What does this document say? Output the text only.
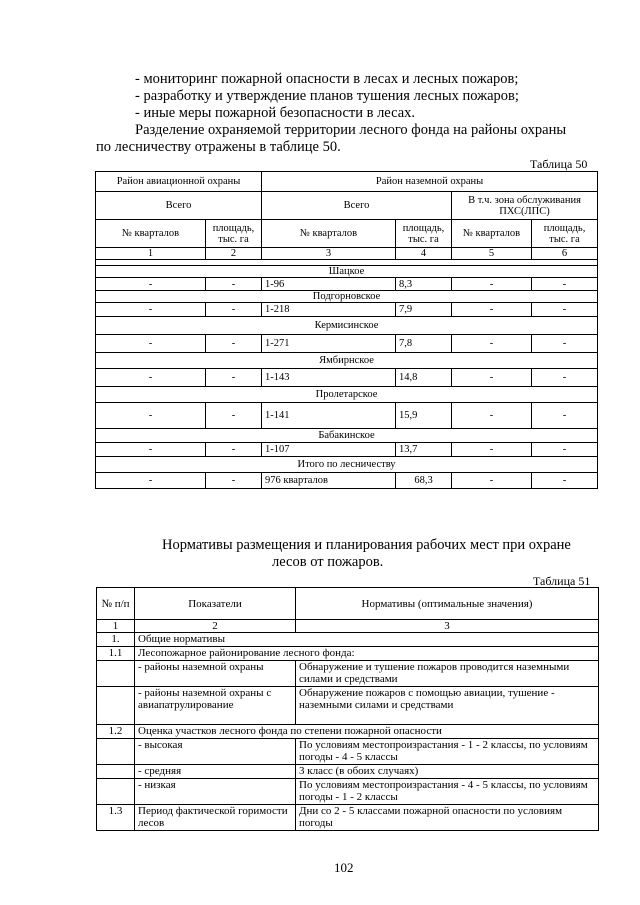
- мониторинг пожарной опасности в лесах и лесных пожаров;
- разработку и утверждение планов тушения лесных пожаров;
- иные меры пожарной безопасности в лесах.
Разделение охраняемой территории лесного фонда на районы охраны
по лесничеству отражены в таблице 50.
Таблица 50
Район авиационной охраны		Район наземной охраны			
Всего		Всего		В т.ч. зона обслуживания ПХС(ЛПС)	
№ кварталов	площадь, тыс. га	№ кварталов	площадь, тыс. га	№ кварталов	площадь, тыс. га
1	2	3	4	5	6

Шацкое					
-	-	1-96	8,3	-	-
Подгорновское					
-	-	1-218	7,9	-	-
Кермисинское					
-	-	1-271	7,8	-	-
Ямбирнское					
-	-	1-143	14,8	-	-
Пролетарское					
-	-	1-141	15,9	-	-
Бабакинское					
-	-	1-107	13,7	-	-
Итого по лесничеству					
-	-	976 кварталов	68,3	-	-
Нормативы размещения и планирования рабочих мест при охране
лесов от пожаров.
Таблица 51
№ п/п	Показатели	Нормативы (оптимальные значения)
1	2	3
1.	Общие нормативы	
1.1	Лесопожарное районирование лесного фонда:	
	- районы наземной охраны	Обнаружение и тушение пожаров проводится наземными силами и средствами
	- районы наземной охраны с авиапатрулирование	Обнаружение пожаров с помощью авиации, тушение - наземными силами и средствами
1.2	Оценка участков лесного фонда по степени пожарной опасности	
	- высокая	По условиям местопроизрастания - 1 - 2 классы, по условиям погоды - 4 - 5 классы
	- средняя	3 класс (в обоих случаях)
	- низкая	По условиям местопроизрастания - 4 - 5 классы, по условиям погоды - 1 - 2 классы
1.3	Период фактической горимости лесов	Дни со 2 - 5 классами пожарной опасности по условиям погоды
102
